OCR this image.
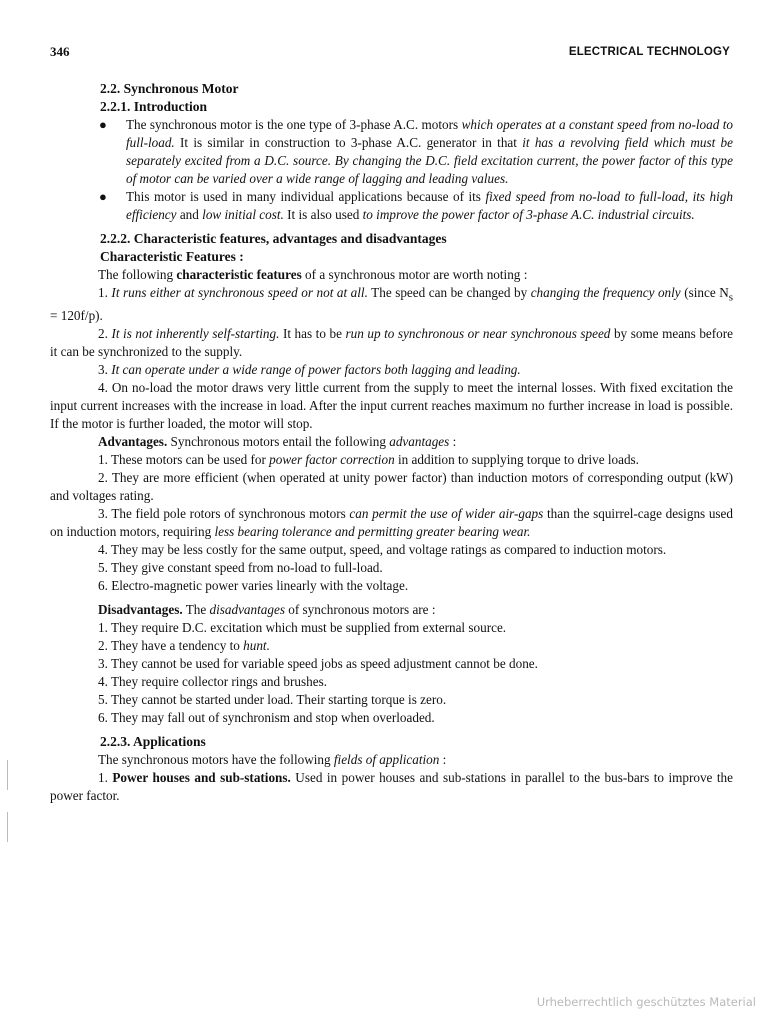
346	ELECTRICAL TECHNOLOGY
2.2. Synchronous Motor
2.2.1. Introduction
● The synchronous motor is the one type of 3-phase A.C. motors which operates at a constant speed from no-load to full-load. It is similar in construction to 3-phase A.C. generator in that it has a revolving field which must be separately excited from a D.C. source. By changing the D.C. field excitation current, the power factor of this type of motor can be varied over a wide range of lagging and leading values.
● This motor is used in many individual applications because of its fixed speed from no-load to full-load, its high efficiency and low initial cost. It is also used to improve the power factor of 3-phase A.C. industrial circuits.
2.2.2. Characteristic features, advantages and disadvantages
Characteristic Features :
The following characteristic features of a synchronous motor are worth noting :
1. It runs either at synchronous speed or not at all. The speed can be changed by changing the frequency only (since $N_s = 120f/p$).
2. It is not inherently self-starting. It has to be run up to synchronous or near synchronous speed by some means before it can be synchronized to the supply.
3. It can operate under a wide range of power factors both lagging and leading.
4. On no-load the motor draws very little current from the supply to meet the internal losses. With fixed excitation the input current increases with the increase in load. After the input current reaches maximum no further increase in load is possible. If the motor is further loaded, the motor will stop.
Advantages. Synchronous motors entail the following advantages :
1. These motors can be used for power factor correction in addition to supplying torque to drive loads.
2. They are more efficient (when operated at unity power factor) than induction motors of corresponding output (kW) and voltages rating.
3. The field pole rotors of synchronous motors can permit the use of wider air-gaps than the squirrel-cage designs used on induction motors, requiring less bearing tolerance and permitting greater bearing wear.
4. They may be less costly for the same output, speed, and voltage ratings as compared to induction motors.
5. They give constant speed from no-load to full-load.
6. Electro-magnetic power varies linearly with the voltage.
Disadvantages. The disadvantages of synchronous motors are :
1. They require D.C. excitation which must be supplied from external source.
2. They have a tendency to hunt.
3. They cannot be used for variable speed jobs as speed adjustment cannot be done.
4. They require collector rings and brushes.
5. They cannot be started under load. Their starting torque is zero.
6. They may fall out of synchronism and stop when overloaded.
2.2.3. Applications
The synchronous motors have the following fields of application :
1. Power houses and sub-stations. Used in power houses and sub-stations in parallel to the bus-bars to improve the power factor.
Urheberrechtlich geschütztes Material
